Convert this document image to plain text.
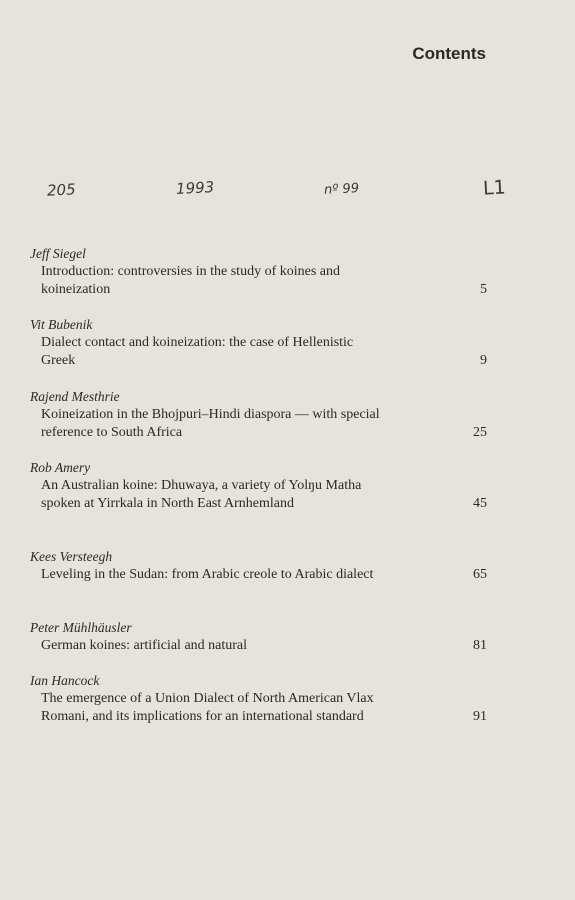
Contents
205	1993	nº 99	L1
Jeff Siegel
Introduction: controversies in the study of koines and koineization	5
Vit Bubenik
Dialect contact and koineization: the case of Hellenistic Greek	9
Rajend Mesthrie
Koineization in the Bhojpuri–Hindi diaspora — with special reference to South Africa	25
Rob Amery
An Australian koine: Dhuwaya, a variety of Yolŋu Matha spoken at Yirrkala in North East Arnhemland	45
Kees Versteegh
Leveling in the Sudan: from Arabic creole to Arabic dialect	65
Peter Mühlhäusler
German koines: artificial and natural	81
Ian Hancock
The emergence of a Union Dialect of North American Vlax Romani, and its implications for an international standard	91
